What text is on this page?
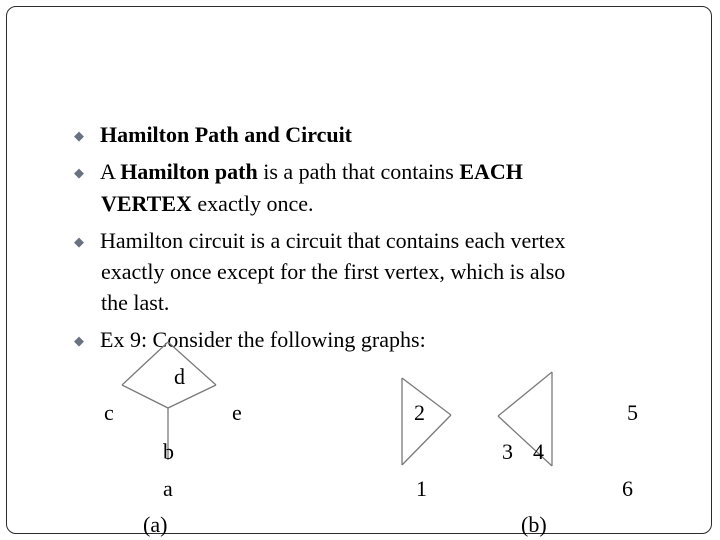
◆ Hamilton Path and Circuit
◆ A Hamilton path is a path that contains EACH
VERTEX exactly once.
◆ Hamilton circuit is a circuit that contains each vertex
exactly once except for the first vertex, which is also
the last.
◆ Ex 9: Consider the following graphs:
d
c	e
b
a
(a)
2	5
3 4
1	6
(b)
